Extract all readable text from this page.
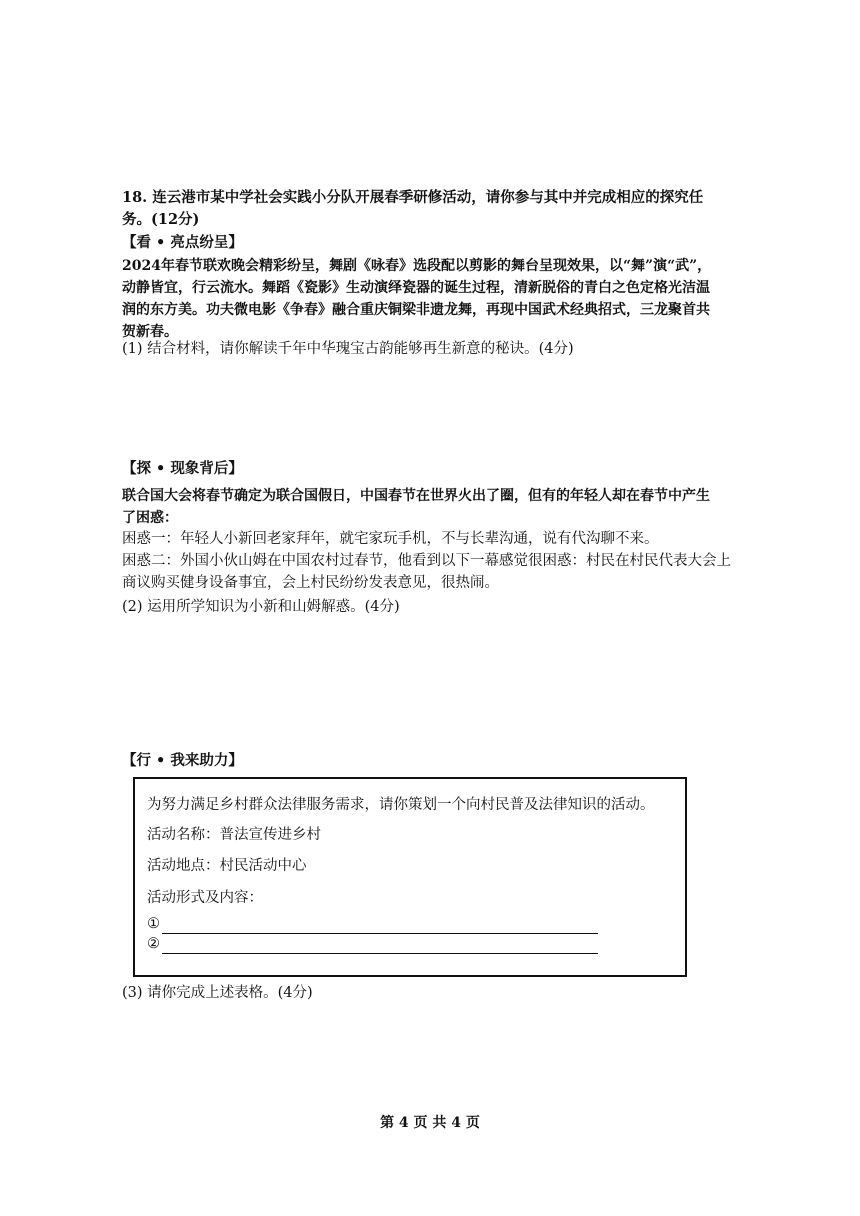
18. 连云港市某中学社会实践小分队开展春季研修活动，请你参与其中并完成相应的探究任
务。(12分)
【看 • 亮点纷呈】
2024年春节联欢晚会精彩纷呈，舞剧《咏春》选段配以剪影的舞台呈现效果，以“舞”演“武”，
动静皆宜，行云流水。舞蹈《瓷影》生动演绎瓷器的诞生过程，清新脱俗的青白之色定格光洁温
润的东方美。功夫微电影《争春》融合重庆铜梁非遗龙舞，再现中国武术经典招式，三龙聚首共
贺新春。
(1) 结合材料，请你解读千年中华瑰宝古韵能够再生新意的秘诀。(4分)
【探 • 现象背后】
联合国大会将春节确定为联合国假日，中国春节在世界火出了圈，但有的年轻人却在春节中产生
了困惑：
困惑一：年轻人小新回老家拜年，就宅家玩手机，不与长辈沟通，说有代沟聊不来。
困惑二：外国小伙山姆在中国农村过春节，他看到以下一幕感觉很困惑：村民在村民代表大会上
商议购买健身设备事宜，会上村民纷纷发表意见，很热闹。
(2) 运用所学知识为小新和山姆解惑。(4分)
【行 • 我来助力】
为努力满足乡村群众法律服务需求，请你策划一个向村民普及法律知识的活动。
活动名称：普法宣传进乡村
活动地点：村民活动中心
活动形式及内容：
①
②
(3) 请你完成上述表格。(4分)
第 4 页 共 4 页
